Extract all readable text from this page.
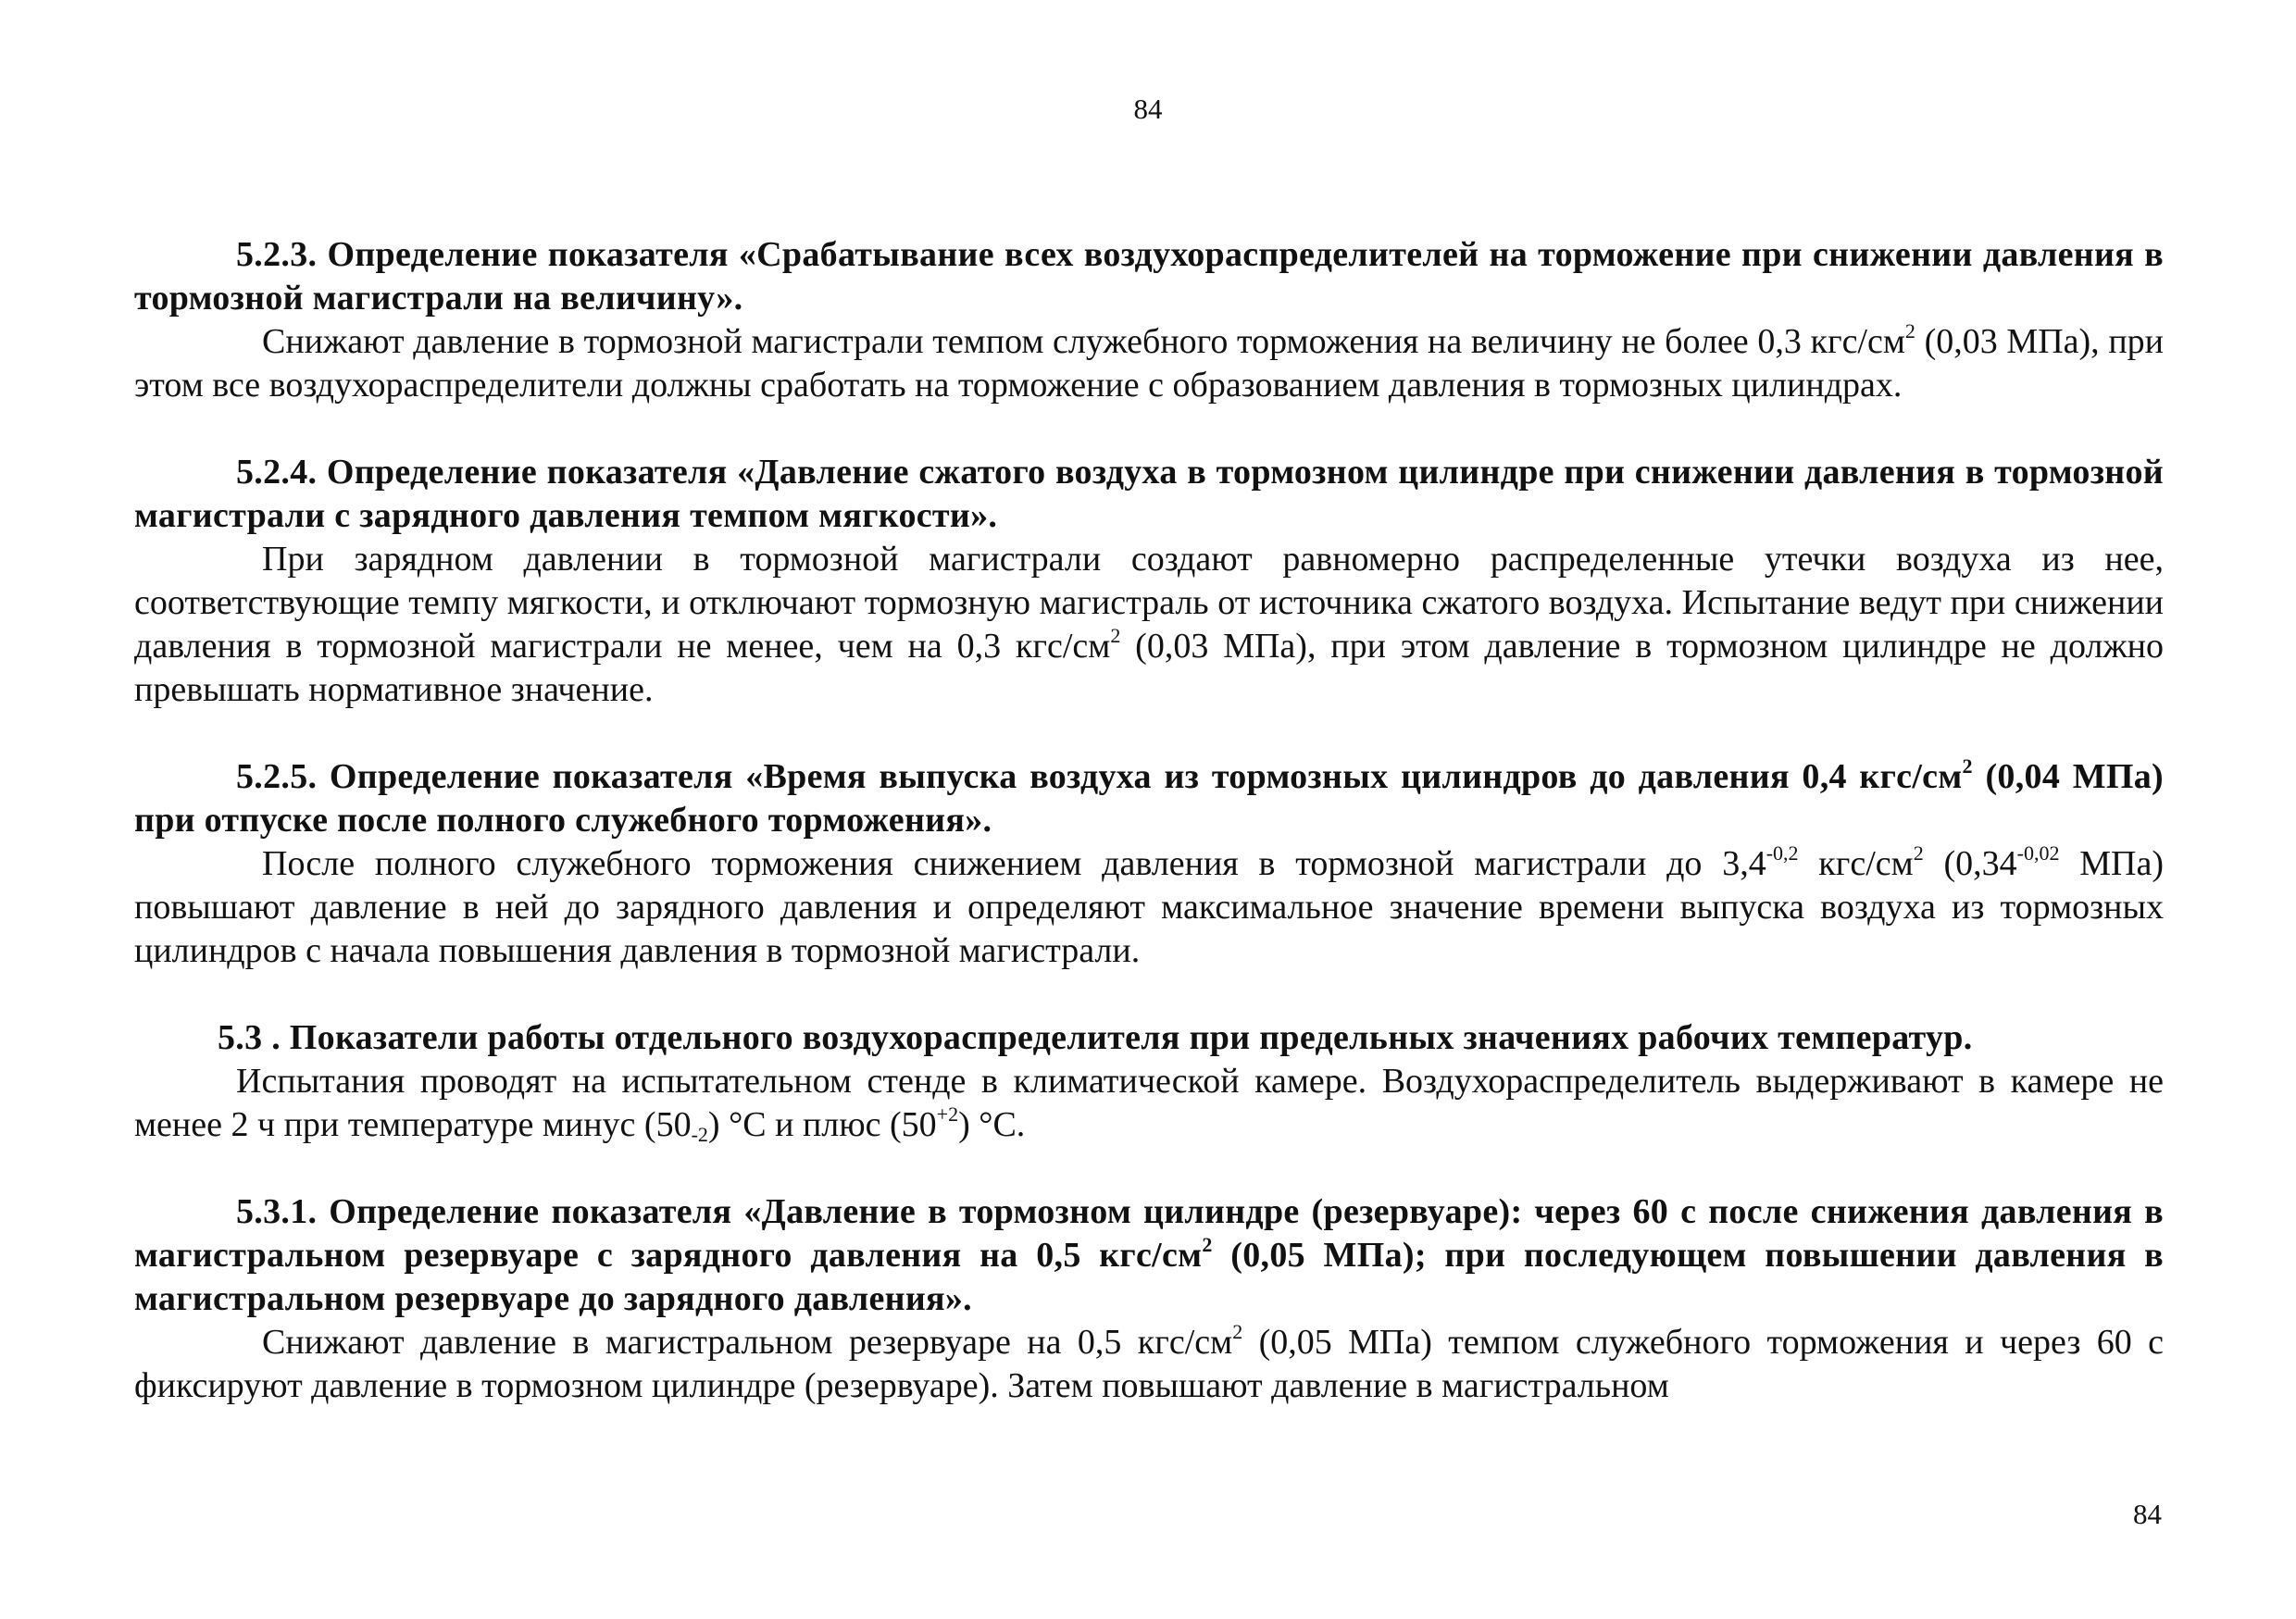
84

5.2.3. Определение показателя «Срабатывание всех воздухораспределителей на торможение при снижении давления в тормозной магистрали на величину».

Снижают давление в тормозной магистрали темпом служебного торможения на величину не более 0,3 кгс/$см^2$ (0,03 МПа), при этом все воздухораспределители должны сработать на торможение с образованием давления в тормозных цилиндрах.

5.2.4. Определение показателя «Давление сжатого воздуха в тормозном цилиндре при снижении давления в тормозной магистрали с зарядного давления темпом мягкости».

При зарядном давлении в тормозной магистрали создают равномерно распределенные утечки воздуха из нее, соответствующие темпу мягкости, и отключают тормозную магистраль от источника сжатого воздуха. Испытание ведут при снижении давления в тормозной магистрали не менее, чем на 0,3 кгс/$см^2$ (0,03 МПа), при этом давление в тормозном цилиндре не должно превышать нормативное значение.

5.2.5. Определение показателя «Время выпуска воздуха из тормозных цилиндров до давления 0,4 кгс/$см^2$ (0,04 МПа) при отпуске после полного служебного торможения».

После полного служебного торможения снижением давления в тормозной магистрали до $3,4^{-0,2}$ кгс/$см^2$ ($0,34^{-0,02}$ МПа) повышают давление в ней до зарядного давления и определяют максимальное значение времени выпуска воздуха из тормозных цилиндров с начала повышения давления в тормозной магистрали.

5.3 . Показатели работы отдельного воздухораспределителя при предельных значениях рабочих температур.

Испытания проводят на испытательном стенде в климатической камере. Воздухораспределитель выдерживают в камере не менее 2 ч при температуре минус $(50_{-2})$ °С и плюс $(50^{+2})$ °С.

5.3.1. Определение показателя «Давление в тормозном цилиндре (резервуаре): через 60 с после снижения давления в магистральном резервуаре с зарядного давления на 0,5 кгс/$см^2$ (0,05 МПа); при последующем повышении давления в магистральном резервуаре до зарядного давления».

Снижают давление в магистральном резервуаре на 0,5 кгс/$см^2$ (0,05 МПа) темпом служебного торможения и через 60 с фиксируют давление в тормозном цилиндре (резервуаре). Затем повышают давление в магистральном

84
